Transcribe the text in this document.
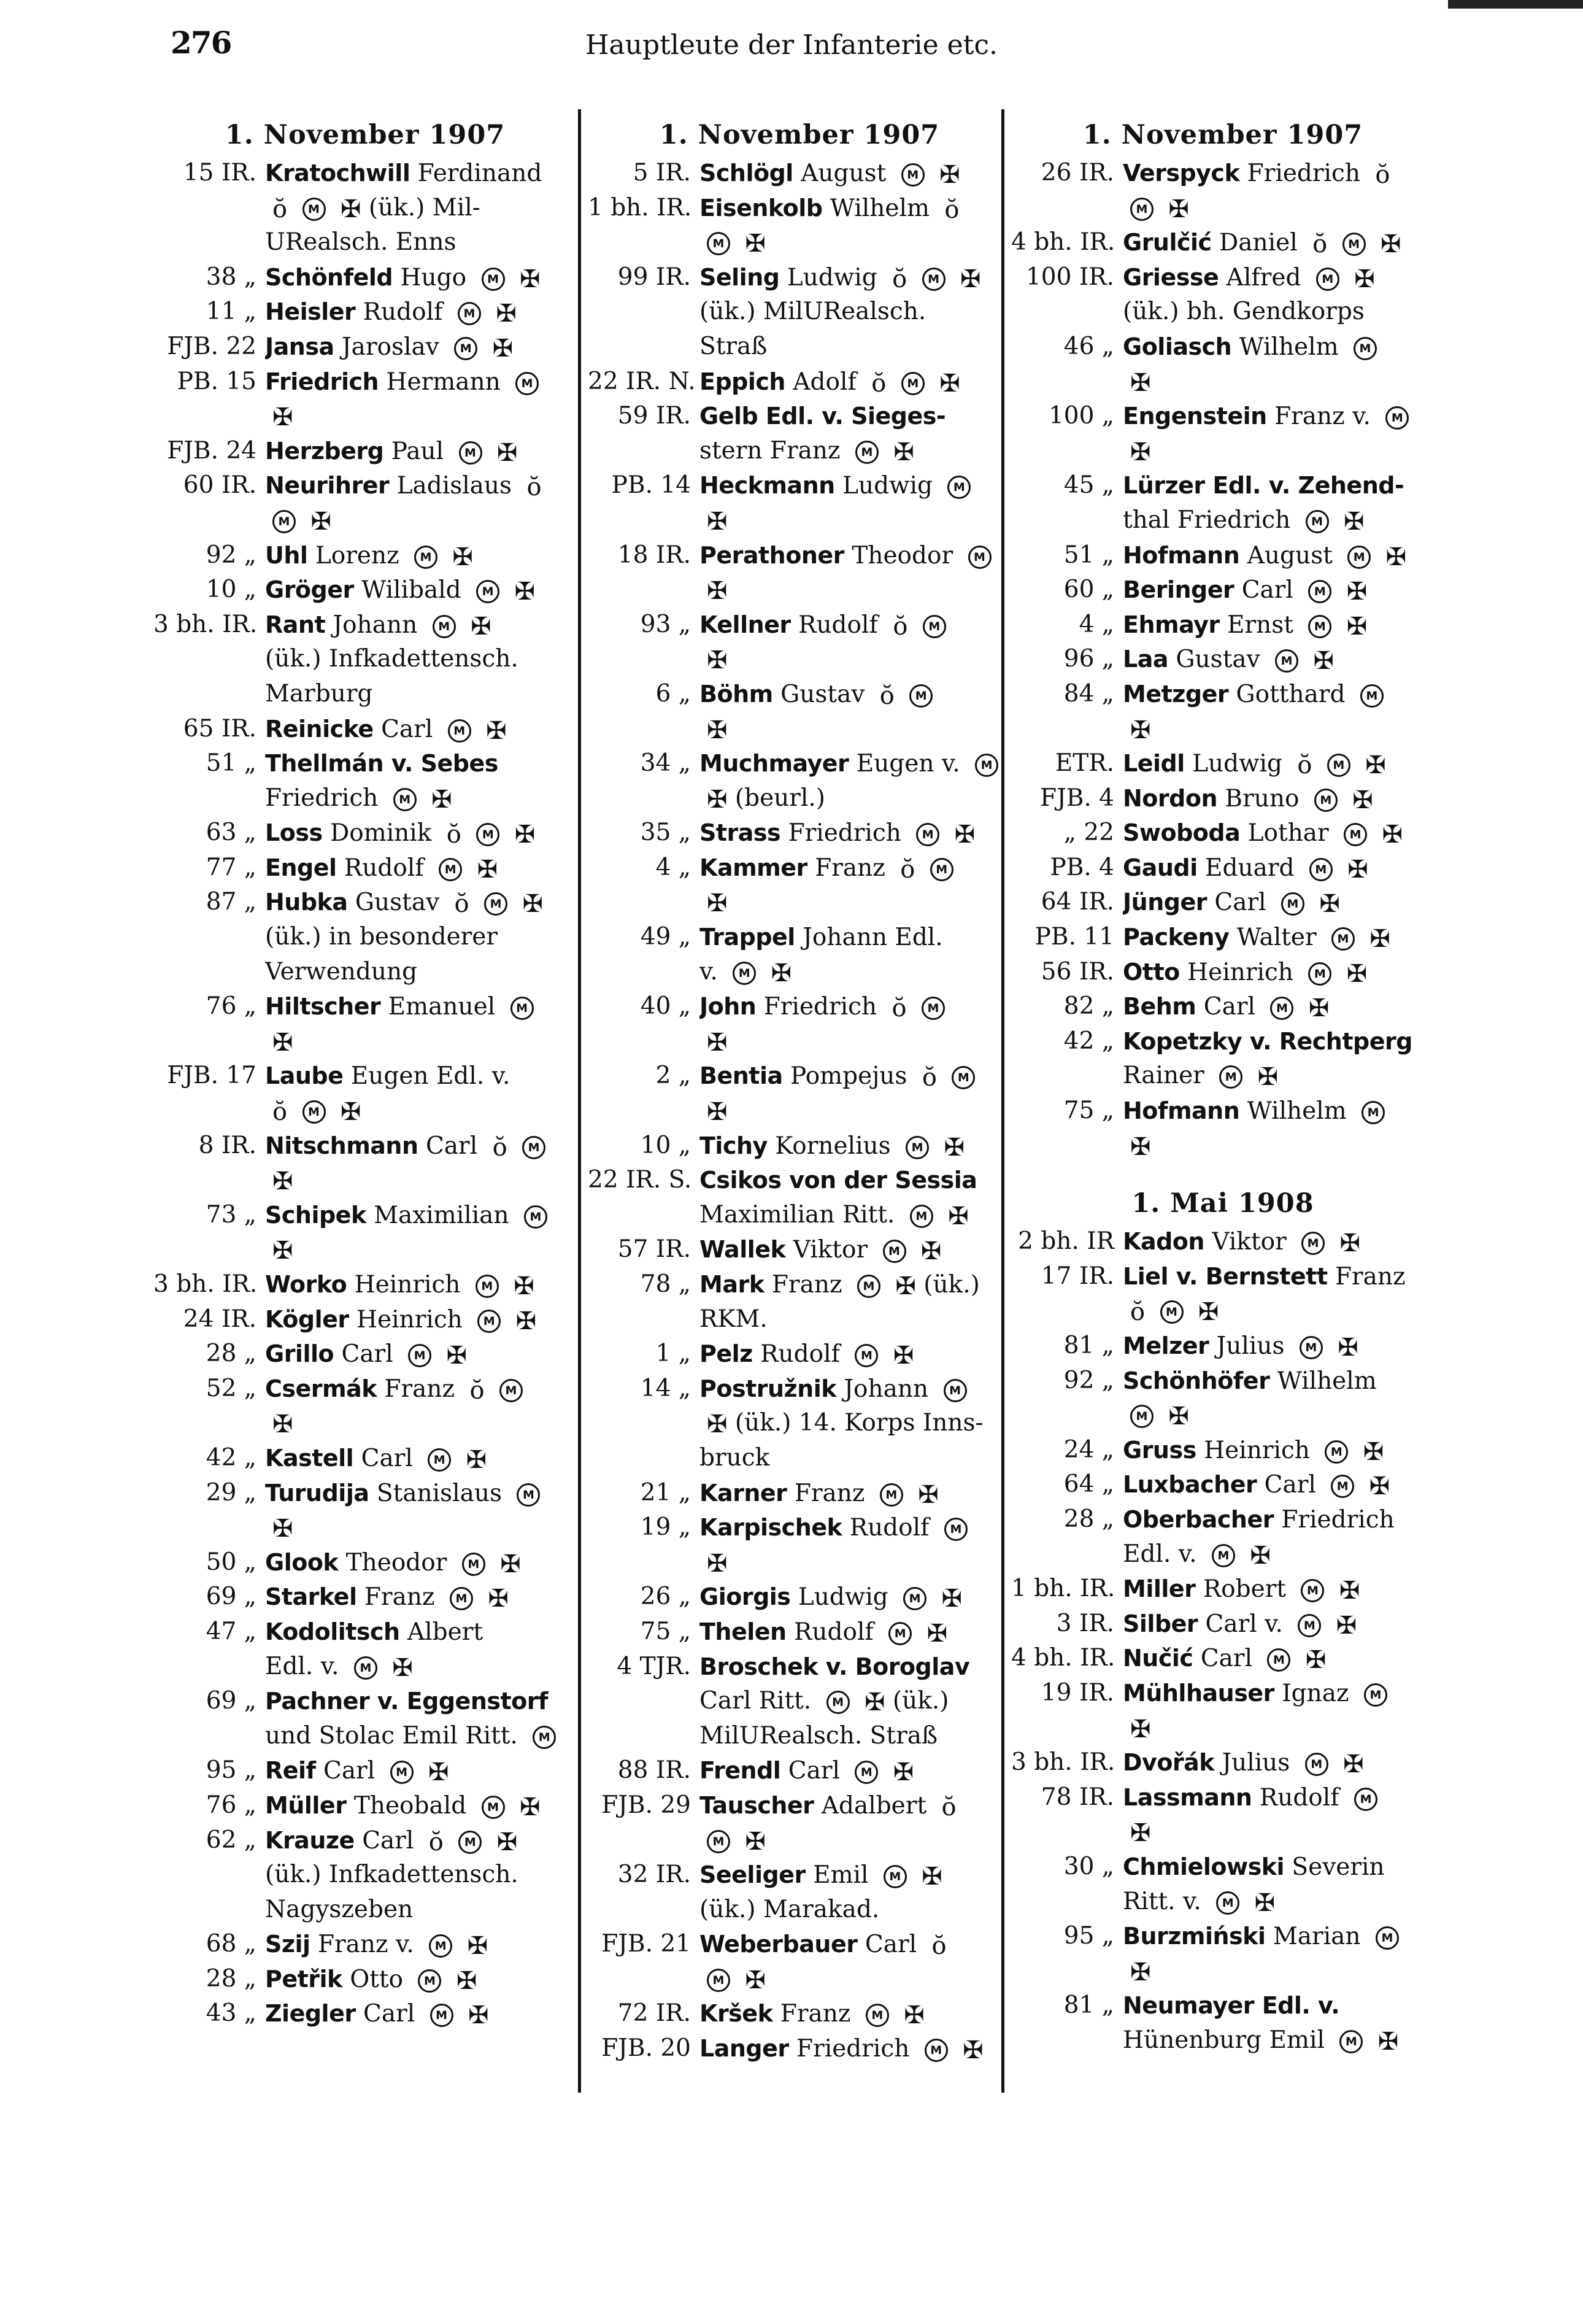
276	Hauptleute der Infanterie etc.
1. November 1907
15 IR. Kratochwill Ferdinand
ŏ M ✠ (ük.) Mil-
URealsch. Enns
38 „ Schönfeld Hugo M ✠
11 „ Heisler Rudolf M ✠
FJB. 22 Jansa Jaroslav M ✠
PB. 15 Friedrich Hermann M
✠
FJB. 24 Herzberg Paul M ✠
60 IR. Neurihrer Ladislaus ŏ
M ✠
92 „ Uhl Lorenz M ✠
10 „ Gröger Wilibald M ✠
3 bh. IR. Rant Johann M ✠
(ük.) Infkadettensch.
Marburg
65 IR. Reinicke Carl M ✠
51 „ Thellmán v. Sebes
Friedrich M ✠
63 „ Loss Dominik ŏ M ✠
77 „ Engel Rudolf M ✠
87 „ Hubka Gustav ŏ M ✠
(ük.) in besonderer
Verwendung
76 „ Hiltscher Emanuel M
✠
FJB. 17 Laube Eugen Edl. v.
ŏ M ✠
8 IR. Nitschmann Carl ŏ M
✠
73 „ Schipek Maximilian M
✠
3 bh. IR. Worko Heinrich M ✠
24 IR. Kögler Heinrich M ✠
28 „ Grillo Carl M ✠
52 „ Csermák Franz ŏ M
✠
42 „ Kastell Carl M ✠
29 „ Turudija Stanislaus M
✠
50 „ Glook Theodor M ✠
69 „ Starkel Franz M ✠
47 „ Kodolitsch Albert
Edl. v. M ✠
69 „ Pachner v. Eggenstorf
und Stolac Emil Ritt. M
95 „ Reif Carl M ✠
76 „ Müller Theobald M ✠
62 „ Krauze Carl ŏ M ✠
(ük.) Infkadettensch.
Nagyszeben
68 „ Szij Franz v. M ✠
28 „ Petřik Otto M ✠
43 „ Ziegler Carl M ✠
1. November 1907
5 IR. Schlögl August M ✠
1 bh. IR. Eisenkolb Wilhelm ŏ
M ✠
99 IR. Seling Ludwig ŏ M ✠
(ük.) MilURealsch.
Straß
22 IR. N. Eppich Adolf ŏ M ✠
59 IR. Gelb Edl. v. Sieges-
stern Franz M ✠
PB. 14 Heckmann Ludwig M
✠
18 IR. Perathoner Theodor M
✠
93 „ Kellner Rudolf ŏ M
✠
6 „ Böhm Gustav ŏ M
✠
34 „ Muchmayer Eugen v. M
✠ (beurl.)
35 „ Strass Friedrich M ✠
4 „ Kammer Franz ŏ M
✠
49 „ Trappel Johann Edl.
v. M ✠
40 „ John Friedrich ŏ M
✠
2 „ Bentia Pompejus ŏ M
✠
10 „ Tichy Kornelius M ✠
22 IR. S. Csikos von der Sessia
Maximilian Ritt. M ✠
57 IR. Wallek Viktor M ✠
78 „ Mark Franz M ✠ (ük.)
RKM.
1 „ Pelz Rudolf M ✠
14 „ Postružnik Johann M
✠ (ük.) 14. Korps Inns-
bruck
21 „ Karner Franz M ✠
19 „ Karpischek Rudolf M
✠
26 „ Giorgis Ludwig M ✠
75 „ Thelen Rudolf M ✠
4 TJR. Broschek v. Boroglav
Carl Ritt. M ✠ (ük.)
MilURealsch. Straß
88 IR. Frendl Carl M ✠
FJB. 29 Tauscher Adalbert ŏ
M ✠
32 IR. Seeliger Emil M ✠
(ük.) Marakad.
FJB. 21 Weberbauer Carl ŏ
M ✠
72 IR. Kršek Franz M ✠
FJB. 20 Langer Friedrich M ✠
1. November 1907
26 IR. Verspyck Friedrich ŏ
M ✠
4 bh. IR. Grulčić Daniel ŏ M ✠
100 IR. Griesse Alfred M ✠
(ük.) bh. Gendkorps
46 „ Goliasch Wilhelm M
✠
100 „ Engenstein Franz v. M
✠
45 „ Lürzer Edl. v. Zehend-
thal Friedrich M ✠
51 „ Hofmann August M ✠
60 „ Beringer Carl M ✠
4 „ Ehmayr Ernst M ✠
96 „ Laa Gustav M ✠
84 „ Metzger Gotthard M
✠
ETR. Leidl Ludwig ŏ M ✠
FJB. 4 Nordon Bruno M ✠
„ 22 Swoboda Lothar M ✠
PB. 4 Gaudi Eduard M ✠
64 IR. Jünger Carl M ✠
PB. 11 Packeny Walter M ✠
56 IR. Otto Heinrich M ✠
82 „ Behm Carl M ✠
42 „ Kopetzky v. Rechtperg
Rainer M ✠
75 „ Hofmann Wilhelm M
✠
1. Mai 1908
2 bh. IR Kadon Viktor M ✠
17 IR. Liel v. Bernstett Franz
ŏ M ✠
81 „ Melzer Julius M ✠
92 „ Schönhöfer Wilhelm
M ✠
24 „ Gruss Heinrich M ✠
64 „ Luxbacher Carl M ✠
28 „ Oberbacher Friedrich
Edl. v. M ✠
1 bh. IR. Miller Robert M ✠
3 IR. Silber Carl v. M ✠
4 bh. IR. Nučić Carl M ✠
19 IR. Mühlhauser Ignaz M
✠
3 bh. IR. Dvořák Julius M ✠
78 IR. Lassmann Rudolf M
✠
30 „ Chmielowski Severin
Ritt. v. M ✠
95 „ Burzmiński Marian M
✠
81 „ Neumayer Edl. v.
Hünenburg Emil M ✠
